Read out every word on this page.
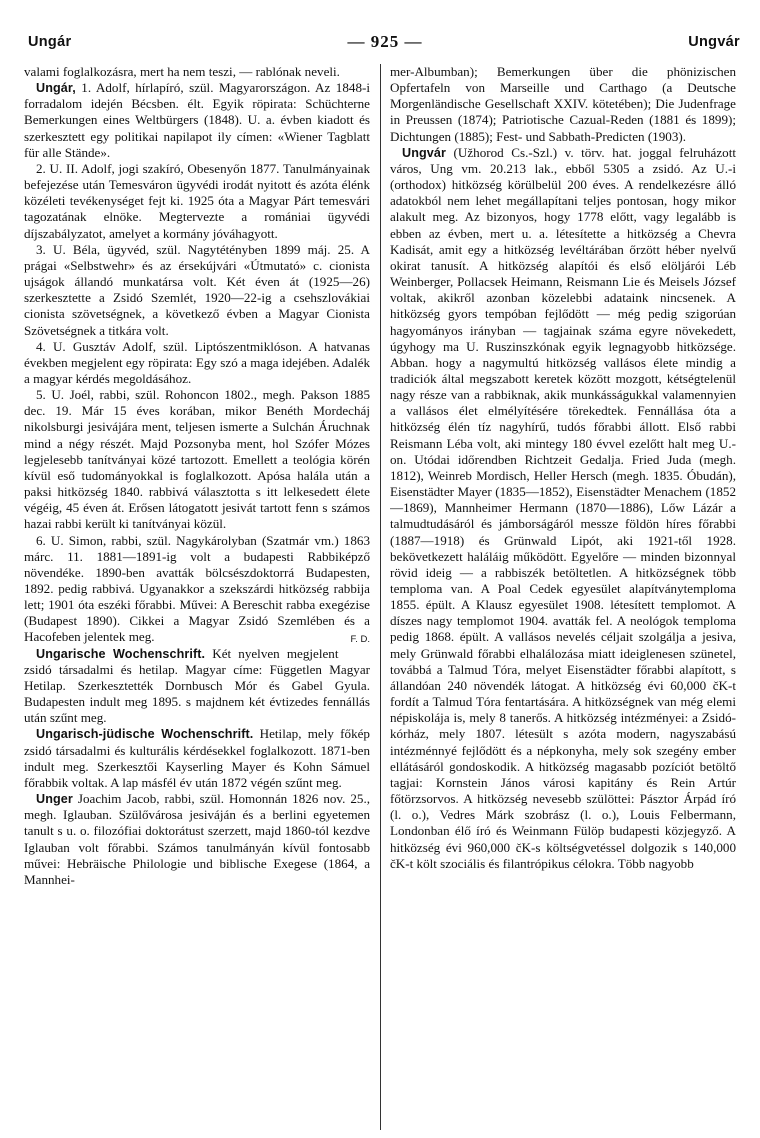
Ungár	— 925 —	Ungvár

valami foglalkozásra, mert ha nem teszi, — rablónak neveli.

Ungár, 1. Adolf, hírlapíró, szül. Magyarországon. Az 1848-i forradalom idején Bécsben. élt. Egyik röpirata: Schüchterne Bemerkungen eines Weltbürgers (1848). U. a. évben kiadott és szerkesztett egy politikai napilapot ily címen: «Wiener Tagblatt für alle Stände».

2. U. II. Adolf, jogi szakíró, Obesenyőn 1877. Tanulmányainak befejezése után Temesváron ügyvédi irodát nyitott és azóta élénk közéleti tevékenységet fejt ki. 1925 óta a Magyar Párt temesvári tagozatának elnöke. Megtervezte a romániai ügyvédi díjszabályzatot, amelyet a kormány jóváhagyott.

3. U. Béla, ügyvéd, szül. Nagytétényben 1899 máj. 25. A prágai «Selbstwehr» és az érsekújvári «Útmutató» c. cionista ujságok állandó munkatársa volt. Két éven át (1925—26) szerkesztette a Zsidó Szemlét, 1920—22-ig a csehszlovákiai cionista szövetségnek, a következő évben a Magyar Cionista Szövetségnek a titkára volt.

4. U. Gusztáv Adolf, szül. Liptószentmiklóson. A hatvanas években megjelent egy röpirata: Egy szó a maga idejében. Adalék a magyar kérdés megoldásához.

5. U. Joél, rabbi, szül. Rohoncon 1802., megh. Pakson 1885 dec. 19. Már 15 éves korában, mikor Benéth Mordecháj nikolsburgi jesivájára ment, teljesen ismerte a Sulchán Áruchnak mind a négy részét. Majd Pozsonyba ment, hol Szófer Mózes legjelesebb tanítványai közé tartozott. Emellett a teológia körén kívül eső tudományokkal is foglalkozott. Apósa halála után a paksi hitközség 1840. rabbivá választotta s itt lelkesedett élete végéig, 45 éven át. Erősen látogatott jesivát tartott fenn s számos hazai rabbi került ki tanítványai közül.

6. U. Simon, rabbi, szül. Nagykárolyban (Szatmár vm.) 1863 márc. 11. 1881—1891-ig volt a budapesti Rabbiképző növendéke. 1890-ben avatták bölcsészdoktorrá Budapesten, 1892. pedig rabbivá. Ugyanakkor a szekszárdi hitközség rabbija lett; 1901 óta eszéki főrabbi. Művei: A Bereschit rabba exegézise (Budapest 1890). Cikkei a Magyar Zsidó Szemlében és a Hacofeben jelentek meg.	F. D.

Ungarische Wochenschrift. Két nyelven megjelent zsidó társadalmi és hetilap. Magyar címe: Független Magyar Hetilap. Szerkesztették Dornbusch Mór és Gabel Gyula. Budapesten indult meg 1895. s majdnem két évtizedes fennállás után szűnt meg.

Ungarisch-jüdische Wochenschrift. Hetilap, mely főkép zsidó társadalmi és kulturális kérdésekkel foglalkozott. 1871-ben indult meg. Szerkesztői Kayserling Mayer és Kohn Sámuel főrabbik voltak. A lap másfél év után 1872 végén szűnt meg.

Unger Joachim Jacob, rabbi, szül. Homonnán 1826 nov. 25., megh. Iglauban. Szülővárosa jesiváján és a berlini egyetemen tanult s u. o. filozófiai doktorátust szerzett, majd 1860-tól kezdve Iglauban volt főrabbi. Számos tanulmányán kívül fontosabb művei: Hebräische Philologie und biblische Exegese (1864, a Mannhei-

mer-Albumban); Bemerkungen über die phönizischen Opfertafeln von Marseille und Carthago (a Deutsche Morgenländische Gesellschaft XXIV. kötetében); Die Judenfrage in Preussen (1874); Patriotische Cazual-Reden (1881 és 1899); Dichtungen (1885); Fest- und Sabbath-Predicten (1903).

Ungvár (Užhorod Cs.-Szl.) v. törv. hat. joggal felruházott város, Ung vm. 20.213 lak., ebből 5305 a zsidó. Az U.-i (orthodox) hitközség körülbelül 200 éves. A rendelkezésre álló adatokból nem lehet megállapítani teljes pontosan, hogy mikor alakult meg. Az bizonyos, hogy 1778 előtt, vagy legalább is ebben az évben, mert u. a. létesítette a hitközség a Chevra Kadisát, amit egy a hitközség levéltárában őrzött héber nyelvű okirat tanusít. A hitközség alapítói és első elöljárói Léb Weinberger, Pollacsek Heimann, Reismann Lie és Meisels József voltak, akikről azonban közelebbi adataink nincsenek. A hitközség gyors tempóban fejlődött — még pedig szigorúan hagyományos irányban — tagjainak száma egyre növekedett, úgyhogy ma U. Ruszinszkónak egyik legnagyobb hitközsége. Abban. hogy a nagymultú hitközség vallásos élete mindig a tradiciók által megszabott keretek között mozgott, kétségtelenül nagy része van a rabbiknak, akik munkásságukkal valamennyien a vallásos élet elmélyítésére törekedtek. Fennállása óta a hitközség élén tíz nagyhírű, tudós főrabbi állott. Első rabbi Reismann Léba volt, aki mintegy 180 évvel ezelőtt halt meg U.-on. Utódai időrendben Richtzeit Gedalja. Fried Juda (megh. 1812), Weinreb Mordisch, Heller Hersch (megh. 1835. Óbudán), Eisenstädter Mayer (1835—1852), Eisenstädter Menachem (1852—1869), Mannheimer Hermann (1870—1886), Lőw Lázár a talmudtudásáról és jámborságáról messze földön híres főrabbi (1887—1918) és Grünwald Lipót, aki 1921-től 1928. bekövetkezett haláláig működött. Egyelőre — minden bizonnyal rövid ideig — a rabbiszék betöltetlen. A hitközségnek több templomа van. A Poal Cedek egyesület alapítványtemploma 1855. épült. A Klausz egyesület 1908. létesített templomot. A díszes nagy templomot 1904. avatták fel. A neológok temploma pedig 1868. épült. A vallásos nevelés céljait szolgálja a jesiva, mely Grünwald főrabbi elhalálozása miatt ideiglenesen szünetel, továbbá a Talmud Tóra, melyet Eisenstädter főrabbi alapított, s állandóan 240 növendék látogat. A hitközség évi 60,000 čK-t fordít a Talmud Tóra fentartására. A hitközségnek van még elemi népiskolája is, mely 8 tanerős. A hitközség intézményei: a Zsidó-kórház, mely 1807. létesült s azóta modern, nagyszabású intézménnyé fejlődött és a népkonyha, mely sok szegény ember ellátásáról gondoskodik. A hitközség magasabb pozíciót betöltő tagjai: Kornstein János városi kapitány és Rein Artúr főtörzsorvos. A hitközség nevesebb szülöttei: Pásztor Árpád író (l. o.), Vedres Márk szobrász (l. o.), Louis Felbermann, Londonban élő író és Weinmann Fülöp budapesti közjegyző. A hitközség évi 960,000 čK-s költségvetéssel dolgozik s 140,000 čK-t költ szociális és filantrópikus célokra. Több nagyobb
